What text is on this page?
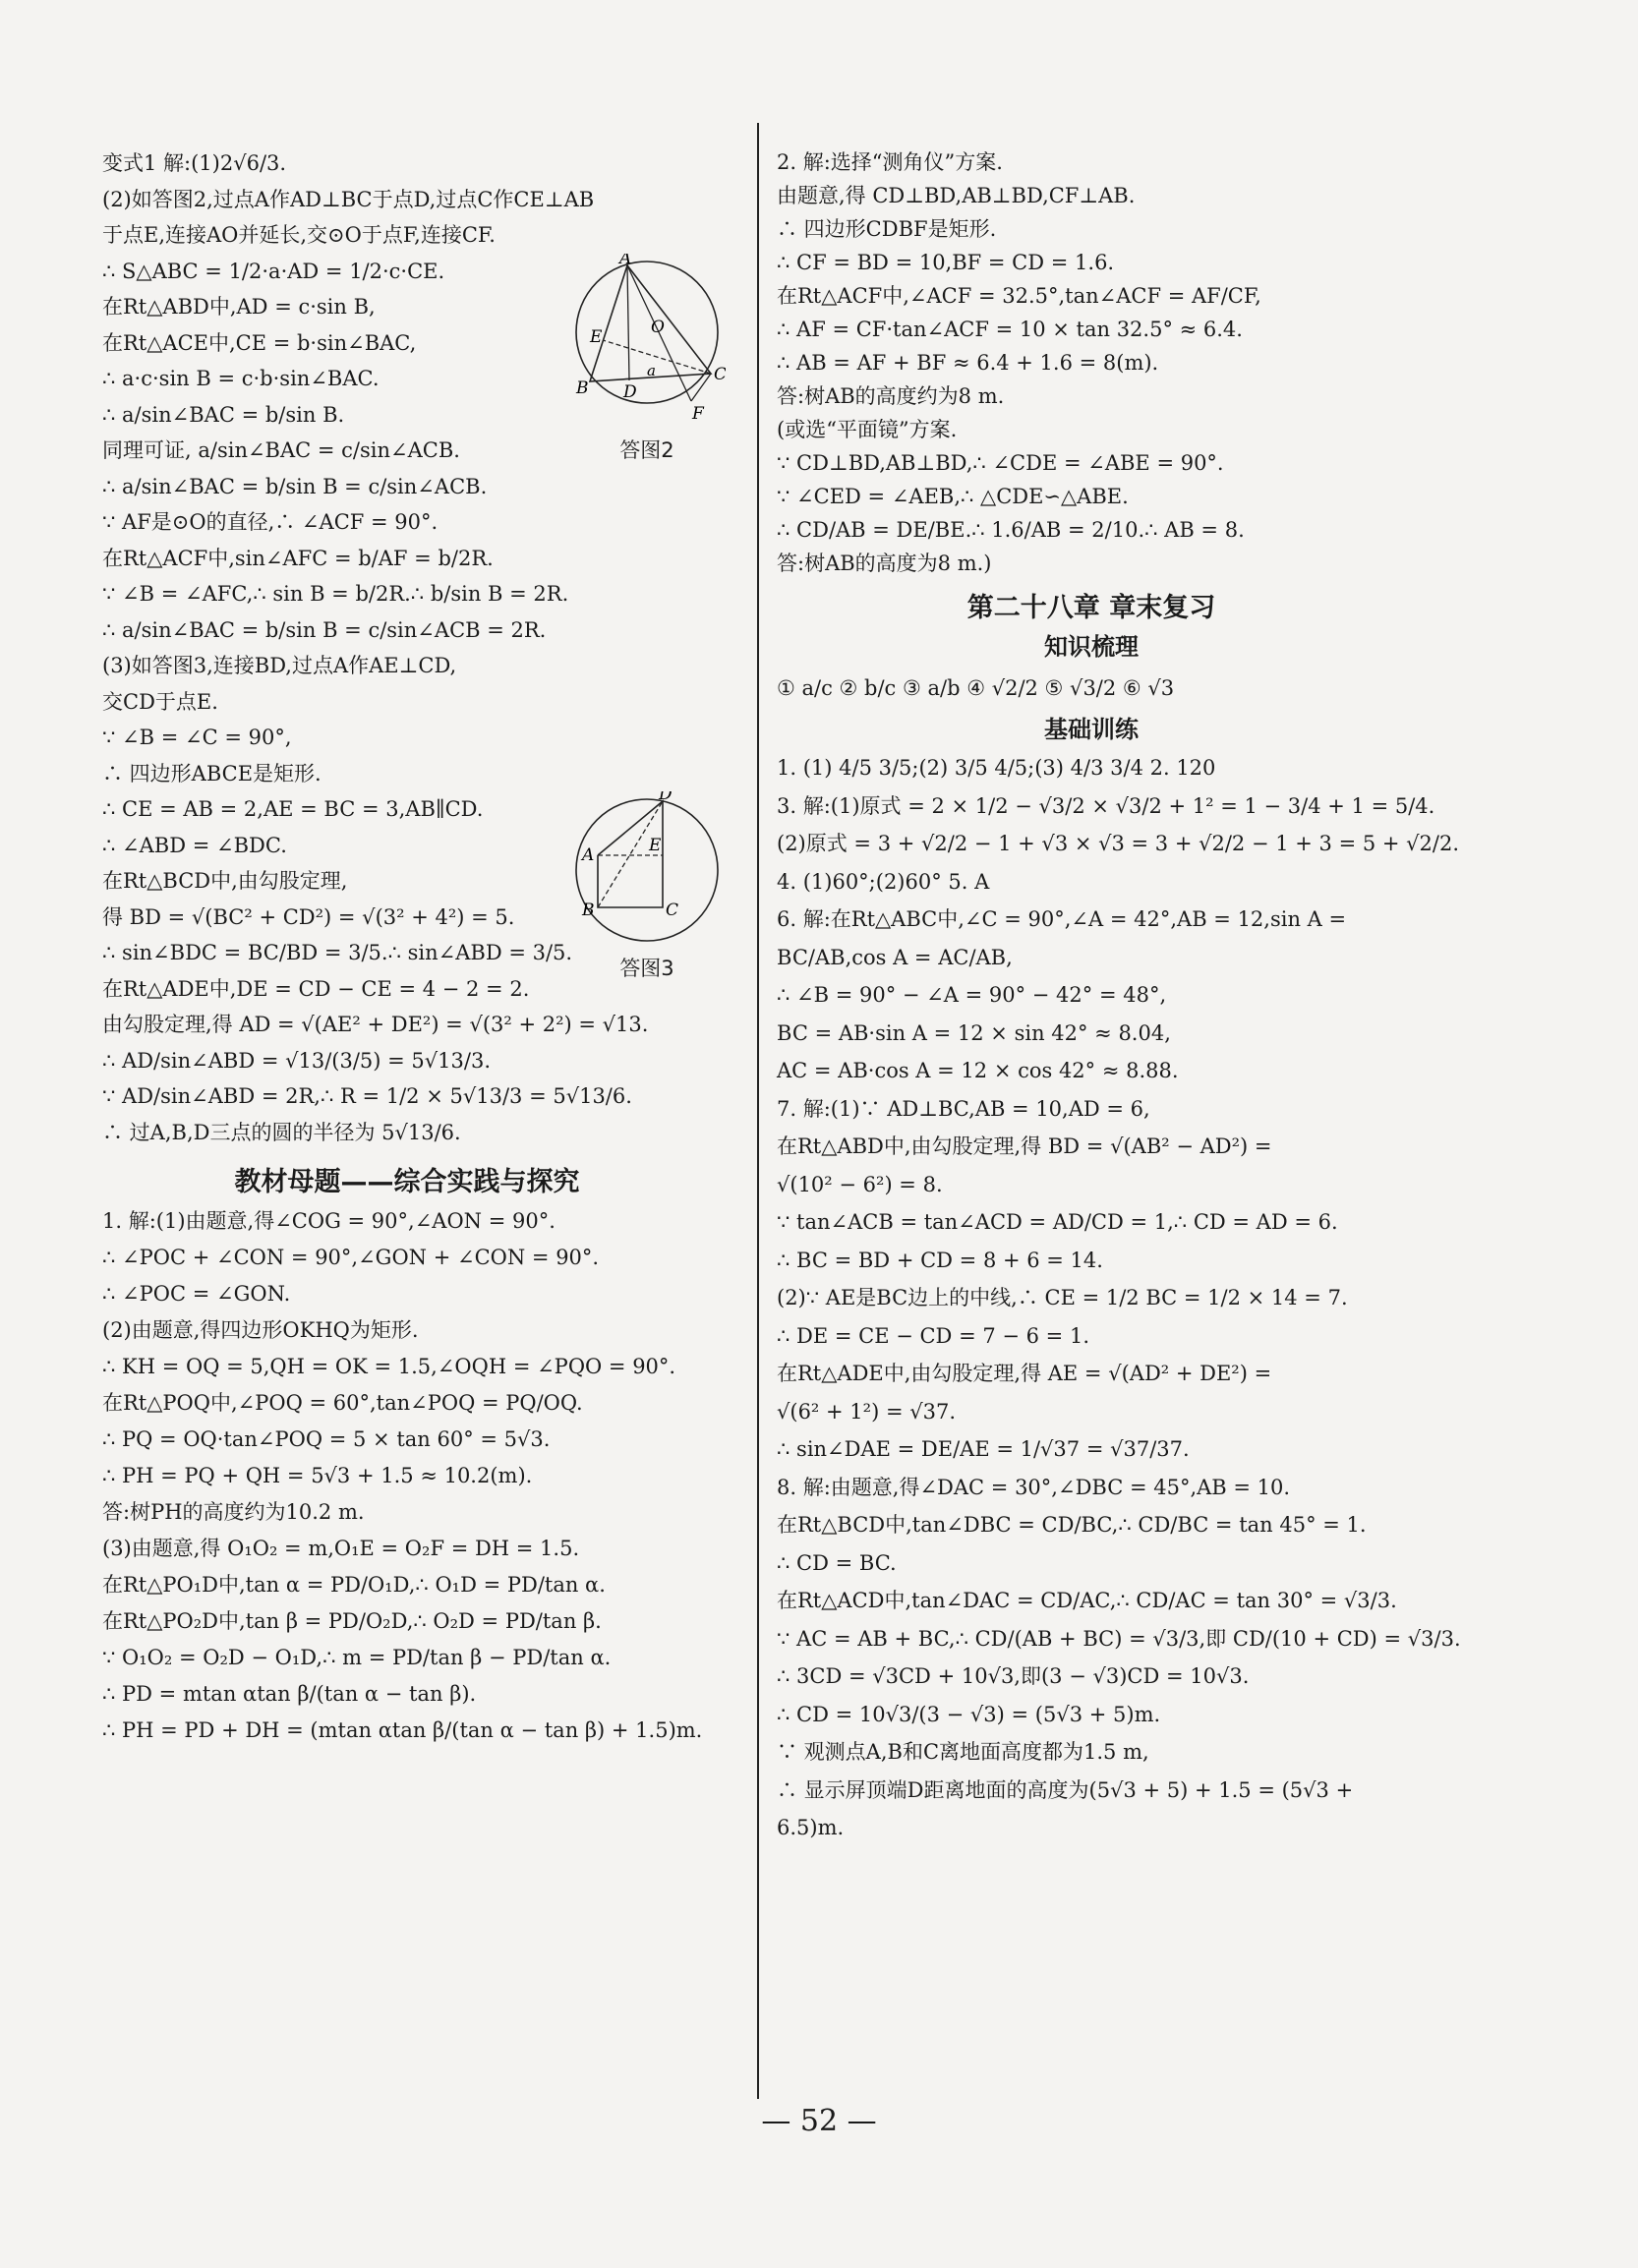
变式1 解:(1)2√6/3.
(2)如答图2,过点A作AD⊥BC于点D,过点C作CE⊥AB
于点E,连接AO并延长,交⊙O于点F,连接CF.
∴ S△ABC = 1/2·a·AD = 1/2·c·CE.
在Rt△ABD中,AD = c·sin B,
在Rt△ACE中,CE = b·sin∠BAC,
∴ a·c·sin B = c·b·sin∠BAC.
∴ a/sin∠BAC = b/sin B.
同理可证, a/sin∠BAC = c/sin∠ACB.
∴ a/sin∠BAC = b/sin B = c/sin∠ACB.
∵ AF是⊙O的直径,∴ ∠ACF = 90°.
在Rt△ACF中,sin∠AFC = b/AF = b/2R.
∵ ∠B = ∠AFC,∴ sin B = b/2R.∴ b/sin B = 2R.
∴ a/sin∠BAC = b/sin B = c/sin∠ACB = 2R.
(3)如答图3,连接BD,过点A作AE⊥CD,
交CD于点E.
∵ ∠B = ∠C = 90°,
∴ 四边形ABCE是矩形.
∴ CE = AB = 2,AE = BC = 3,AB∥CD.
∴ ∠ABD = ∠BDC.
在Rt△BCD中,由勾股定理,
得 BD = √(BC² + CD²) = √(3² + 4²) = 5.
∴ sin∠BDC = BC/BD = 3/5.∴ sin∠ABD = 3/5.
在Rt△ADE中,DE = CD − CE = 4 − 2 = 2.
由勾股定理,得 AD = √(AE² + DE²) = √(3² + 2²) = √13.
∴ AD/sin∠ABD = √13/(3/5) = 5√13/3.
∵ AD/sin∠ABD = 2R,∴ R = 1/2 × 5√13/3 = 5√13/6.
∴ 过A,B,D三点的圆的半径为 5√13/6.
教材母题——综合实践与探究
1. 解:(1)由题意,得∠COG = 90°,∠AON = 90°.
∴ ∠POC + ∠CON = 90°,∠GON + ∠CON = 90°.
∴ ∠POC = ∠GON.
(2)由题意,得四边形OKHQ为矩形.
∴ KH = OQ = 5,QH = OK = 1.5,∠OQH = ∠PQO = 90°.
在Rt△POQ中,∠POQ = 60°,tan∠POQ = PQ/OQ.
∴ PQ = OQ·tan∠POQ = 5 × tan 60° = 5√3.
∴ PH = PQ + QH = 5√3 + 1.5 ≈ 10.2(m).
答:树PH的高度约为10.2 m.
(3)由题意,得 O₁O₂ = m,O₁E = O₂F = DH = 1.5.
在Rt△PO₁D中,tan α = PD/O₁D,∴ O₁D = PD/tan α.
在Rt△PO₂D中,tan β = PD/O₂D,∴ O₂D = PD/tan β.
∵ O₁O₂ = O₂D − O₁D,∴ m = PD/tan β − PD/tan α.
∴ PD = mtan αtan β/(tan α − tan β).
∴ PH = PD + DH = (mtan αtan β/(tan α − tan β) + 1.5)m.
A
B
C
D
E	O
F
a
答图2
A
B	C
D
E
答图3
2. 解:选择“测角仪”方案.
由题意,得 CD⊥BD,AB⊥BD,CF⊥AB.
∴ 四边形CDBF是矩形.
∴ CF = BD = 10,BF = CD = 1.6.
在Rt△ACF中,∠ACF = 32.5°,tan∠ACF = AF/CF,
∴ AF = CF·tan∠ACF = 10 × tan 32.5° ≈ 6.4.
∴ AB = AF + BF ≈ 6.4 + 1.6 = 8(m).
答:树AB的高度约为8 m.
(或选“平面镜”方案.
∵ CD⊥BD,AB⊥BD,∴ ∠CDE = ∠ABE = 90°.
∵ ∠CED = ∠AEB,∴ △CDE∽△ABE.
∴ CD/AB = DE/BE.∴ 1.6/AB = 2/10.∴ AB = 8.
答:树AB的高度为8 m.)
第二十八章 章末复习
知识梳理
① a/c ② b/c ③ a/b ④ √2/2 ⑤ √3/2 ⑥ √3
基础训练
1. (1) 4/5 3/5;(2) 3/5 4/5;(3) 4/3 3/4 2. 120
3. 解:(1)原式 = 2 × 1/2 − √3/2 × √3/2 + 1² = 1 − 3/4 + 1 = 5/4.
(2)原式 = 3 + √2/2 − 1 + √3 × √3 = 3 + √2/2 − 1 + 3 = 5 + √2/2.
4. (1)60°;(2)60° 5. A
6. 解:在Rt△ABC中,∠C = 90°,∠A = 42°,AB = 12,sin A =
BC/AB,cos A = AC/AB,
∴ ∠B = 90° − ∠A = 90° − 42° = 48°,
BC = AB·sin A = 12 × sin 42° ≈ 8.04,
AC = AB·cos A = 12 × cos 42° ≈ 8.88.
7. 解:(1)∵ AD⊥BC,AB = 10,AD = 6,
在Rt△ABD中,由勾股定理,得 BD = √(AB² − AD²) =
√(10² − 6²) = 8.
∵ tan∠ACB = tan∠ACD = AD/CD = 1,∴ CD = AD = 6.
∴ BC = BD + CD = 8 + 6 = 14.
(2)∵ AE是BC边上的中线,∴ CE = 1/2 BC = 1/2 × 14 = 7.
∴ DE = CE − CD = 7 − 6 = 1.
在Rt△ADE中,由勾股定理,得 AE = √(AD² + DE²) =
√(6² + 1²) = √37.
∴ sin∠DAE = DE/AE = 1/√37 = √37/37.
8. 解:由题意,得∠DAC = 30°,∠DBC = 45°,AB = 10.
在Rt△BCD中,tan∠DBC = CD/BC,∴ CD/BC = tan 45° = 1.
∴ CD = BC.
在Rt△ACD中,tan∠DAC = CD/AC,∴ CD/AC = tan 30° = √3/3.
∵ AC = AB + BC,∴ CD/(AB + BC) = √3/3,即 CD/(10 + CD) = √3/3.
∴ 3CD = √3CD + 10√3,即(3 − √3)CD = 10√3.
∴ CD = 10√3/(3 − √3) = (5√3 + 5)m.
∵ 观测点A,B和C离地面高度都为1.5 m,
∴ 显示屏顶端D距离地面的高度为(5√3 + 5) + 1.5 = (5√3 +
6.5)m.
— 52 —
